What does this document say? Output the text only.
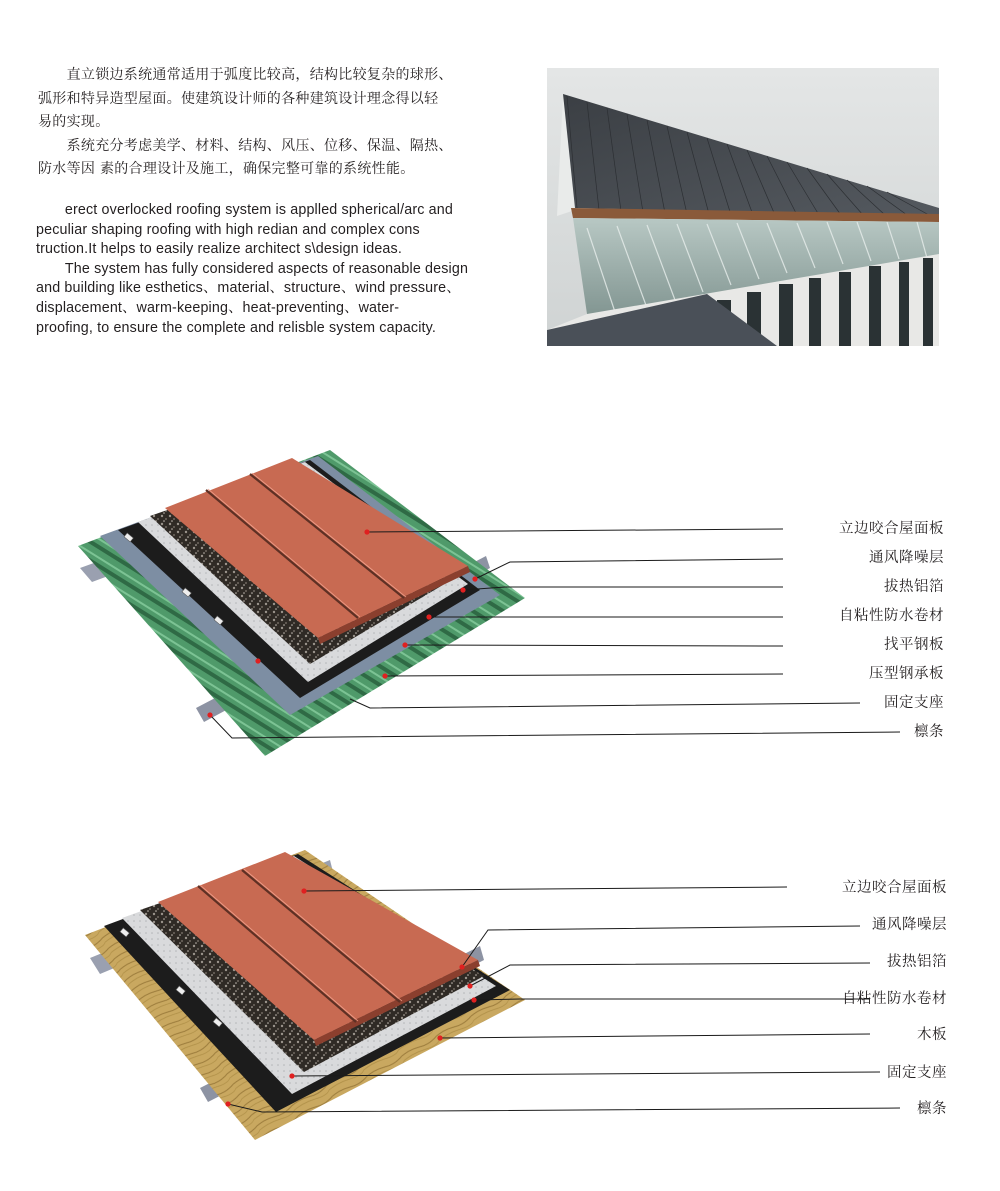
　　直立锁边系统通常适用于弧度比较高，结构比较复杂的球形、

弧形和特异造型屋面。使建筑设计师的各种建筑设计理念得以轻

易的实现。

　　系统充分考虑美学、材料、结构、风压、位移、保温、隔热、

防水等因 素的合理设计及施工，确保完整可靠的系统性能。

　　erect overlocked roofing system is applled spherical/arc and

peculiar shaping roofing with high redian and complex cons

truction.It helps to easily realize architect s\design ideas.

　　The system has fully considered aspects of reasonable design

and building like esthetics、material、structure、wind pressure、

displacement、warm-keeping、heat-preventing、water-

proofing, to ensure the complete and relisble system capacity.

立边咬合屋面板
通风降噪层
拔热铝箔
自粘性防水卷材
找平钢板
压型钢承板
固定支座
檩条
立边咬合屋面板
通风降噪层
拔热铝箔
自粘性防水卷材
木板
固定支座
檩条
